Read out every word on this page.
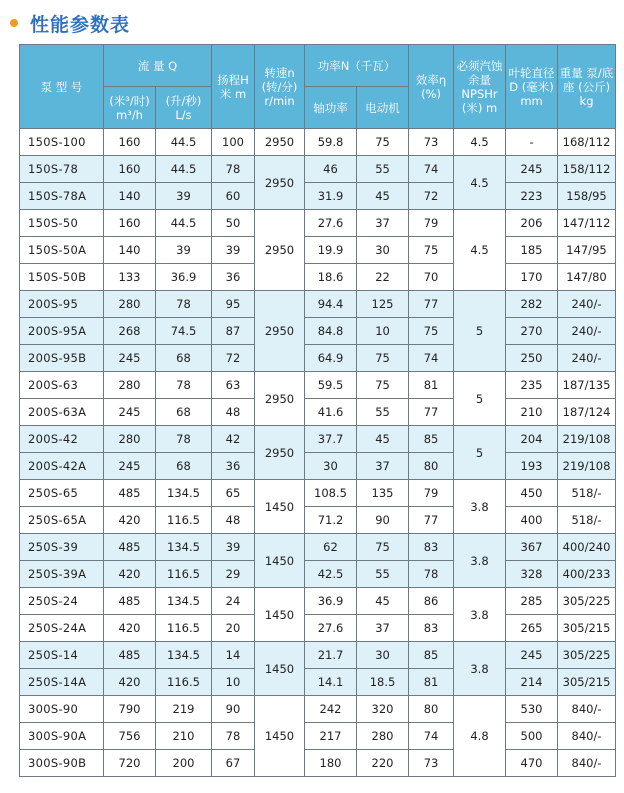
性能参数表
泵 型 号	流 量 Q		扬程H 米 m	转速n (转/分) r/min	功率N（千瓦）		效率η (%)	必须汽蚀余量 NPSHr (米) m	叶轮直径 D (毫米) mm	重量 泵/底座 (公斤) kg
	(米³/时) m³/h	(升/秒) L/s			轴功率	电动机				
150S-100	160	44.5	100	2950	59.8	75	73	4.5	-	168/112
150S-78	160	44.5	78	2950	46	55	74	4.5	245	158/112
150S-78A	140	39	60		31.9	45	72		223	158/95
150S-50	160	44.5	50	2950	27.6	37	79	4.5	206	147/112
150S-50A	140	39	39		19.9	30	75		185	147/95
150S-50B	133	36.9	36		18.6	22	70		170	147/80
200S-95	280	78	95	2950	94.4	125	77	5	282	240/-
200S-95A	268	74.5	87		84.8	10	75		270	240/-
200S-95B	245	68	72		64.9	75	74		250	240/-
200S-63	280	78	63	2950	59.5	75	81	5	235	187/135
200S-63A	245	68	48		41.6	55	77		210	187/124
200S-42	280	78	42	2950	37.7	45	85	5	204	219/108
200S-42A	245	68	36		30	37	80		193	219/108
250S-65	485	134.5	65	1450	108.5	135	79	3.8	450	518/-
250S-65A	420	116.5	48		71.2	90	77		400	518/-
250S-39	485	134.5	39	1450	62	75	83	3.8	367	400/240
250S-39A	420	116.5	29		42.5	55	78		328	400/233
250S-24	485	134.5	24	1450	36.9	45	86	3.8	285	305/225
250S-24A	420	116.5	20		27.6	37	83		265	305/215
250S-14	485	134.5	14	1450	21.7	30	85	3.8	245	305/225
250S-14A	420	116.5	10		14.1	18.5	81		214	305/215
300S-90	790	219	90	1450	242	320	80	4.8	530	840/-
300S-90A	756	210	78		217	280	74		500	840/-
300S-90B	720	200	67		180	220	73		470	840/-
